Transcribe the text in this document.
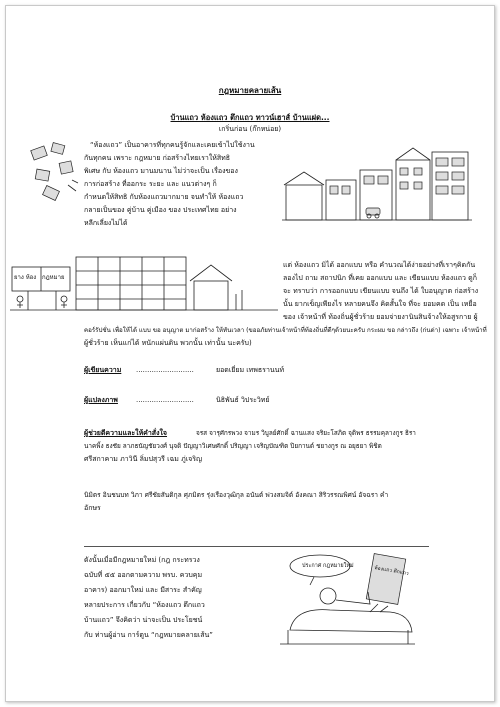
กฎหมายคลายเส้น
บ้านแถว ห้องแถว ตึกแถว ทาวน์เฮาส์ บ้านแฝด...
เกริ่นก่อน (ก๊กหน่อย)
“ห้องแถว” เป็นอาคารที่ทุกคนรู้จักและเคยเข้าไปใช้งาน
กันทุกคน เพราะ กฎหมาย ก่อสร้างไทยเราให้สิทธิ
พิเศษ กับ ห้องแถว มานมนาน ไม่ว่าจะเป็น เรื่องของ
การก่อสร้าง ที่ออกระ ระยะ และ แนวต่างๆ ก็
กำหนดให้สิทธิ กับห้องแถวมากมาย จนทำให้ ห้องแถว
กลายเป็นของ คู่บ้าน คู่เมือง ของ ประเทศไทย อย่าง
หลีกเลี่ยงไม่ได้
ยาง ห้อง กฎหมาย
แต่ ห้องแถว มิได้ ออกแบบ หรือ คำนวณได้ง่ายอย่างที่เราๆคิดกัน
ลองไป ถาม สถาปนิก ที่เคย ออกแบบ และ เขียนแบบ ห้องแถว ดูก็
จะ ทราบว่า การออกแบบ เขียนแบบ จนถึง ได้ ใบอนุญาต ก่อสร้าง
นั้น ยากเข็ญเพียงไร หลายคนจึง คิดสั้นใจ ที่จะ ยอมคด เป็น เหยื่อ
ของ เจ้าหน้าที่ ท้องถิ่นผู้ชั่วร้าย ยอมจ่ายงานินสินจ้างให้อสูรกาย ผู้
คอร์รัปชั่น เพื่อให้ได้ แบบ ขอ อนุญาต มาก่อสร้าง ให้ทันเวลา (ขออภัยท่านเจ้าหน้าที่ท้องถิ่นที่ดีๆด้วยนะครับ กระผม ขอ กล่าวถึง (ก่นด่า) เฉพาะ เจ้าหน้าที่
ผู้ชั่วร้าย เห็นแก่ได้ หนักแผ่นดิน พวกนั้น เท่านั้น นะครับ)
ผู้เขียนความ ..........................	ยอดเยี่ยม เทพธรานนท์
ผู้แปลงภาพ	..........................	นิธิพันธ์ วิประวิทย์
ผู้ช่วยตีความและให้คำสั่งใจ	จรส จารุศักรพวง จามร วิบูลย์ศักดิ์ ฉานแสง จริยะโสภิต จุติพร ธรรมคุลางกูร ธิรา
นาคพิ้ง ธงชัย ลาภธนัญชัยวงศ์ นุจดิ ปัญญาวิเศษศักดิ์ ปริญญา เจริญบัณฑิต ปิยกานต์ ชยางกูร ณ อยุธยา พิชิต
ศรีสกาคาม ภาวินี ลิ่มปสุวรี เฉม ภู่เจริญ
นิมิตร อินชนบท วิภา ศรีชัยสันติกุล ศุภมิตร รุ่งเรืองวุฒิกุล อนันต์ พ่วงสมจิต์ อังคณา สิริวรรณพิศน์ อัจฉรา คำ
อักษร
ดังนั้นเมื่อมีกฎหมายใหม่ (กฎ กระทรวง
ฉบับที่ ๕๕ ออกตามความ พรบ. ควบคุม
อาคาร) ออกมาใหม่ และ มีสาระ สำคัญ
หลายประการ เกี่ยวกับ “ห้องแถว ตึกแถว
บ้านแถว” จึงคิดว่า น่าจะเป็น ประโยชน์
กับ ท่านผู้อ่าน การ์ตูน “กฎหมายคลายเส้น”
ประกาศ กฎหมายใหม่	ห้องแถว ตึกแถว
